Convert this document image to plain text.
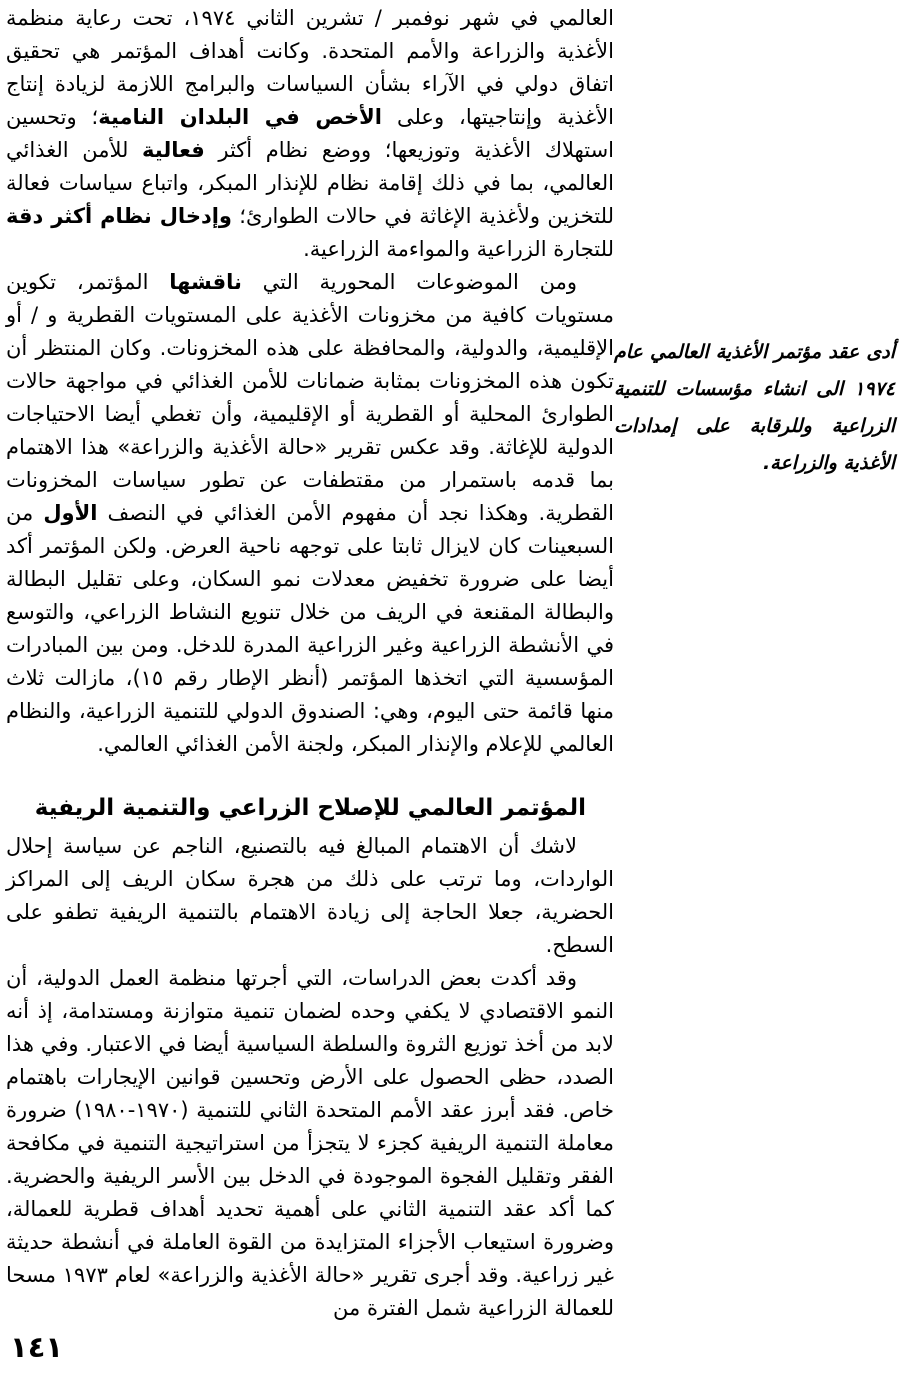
العالمي في شهر نوفمبر / تشرين الثاني ١٩٧٤، تحت رعاية منظمة الأغذية والزراعة والأمم المتحدة. وكانت أهداف المؤتمر هي تحقيق اتفاق دولي في الآراء بشأن السياسات والبرامج اللازمة لزيادة إنتاج الأغذية وإنتاجيتها، وعلى الأخص في البلدان النامية؛ وتحسين استهلاك الأغذية وتوزيعها؛ ووضع نظام أكثر فعالية للأمن الغذائي العالمي، بما في ذلك إقامة نظام للإنذار المبكر، واتباع سياسات فعالة للتخزين ولأغذية الإغاثة في حالات الطوارئ؛ وإدخال نظام أكثر دقة للتجارة الزراعية والمواءمة الزراعية.

ومن الموضوعات المحورية التي ناقشها المؤتمر، تكوين مستويات كافية من مخزونات الأغذية على المستويات القطرية و / أو الإقليمية، والدولية، والمحافظة على هذه المخزونات. وكان المنتظر أن تكون هذه المخزونات بمثابة ضمانات للأمن الغذائي في مواجهة حالات الطوارئ المحلية أو القطرية أو الإقليمية، وأن تغطي أيضا الاحتياجات الدولية للإغاثة. وقد عكس تقرير «حالة الأغذية والزراعة» هذا الاهتمام بما قدمه باستمرار من مقتطفات عن تطور سياسات المخزونات القطرية. وهكذا نجد أن مفهوم الأمن الغذائي في النصف الأول من السبعينات كان لايزال ثابتا على توجهه ناحية العرض. ولكن المؤتمر أكد أيضا على ضرورة تخفيض معدلات نمو السكان، وعلى تقليل البطالة والبطالة المقنعة في الريف من خلال تنويع النشاط الزراعي، والتوسع في الأنشطة الزراعية وغير الزراعية المدرة للدخل. ومن بين المبادرات المؤسسية التي اتخذها المؤتمر (أنظر الإطار رقم ١٥)، مازالت ثلاث منها قائمة حتى اليوم، وهي: الصندوق الدولي للتنمية الزراعية، والنظام العالمي للإعلام والإنذار المبكر، ولجنة الأمن الغذائي العالمي.

المؤتمر العالمي للإصلاح الزراعي والتنمية الريفية

لاشك أن الاهتمام المبالغ فيه بالتصنيع، الناجم عن سياسة إحلال الواردات، وما ترتب على ذلك من هجرة سكان الريف إلى المراكز الحضرية، جعلا الحاجة إلى زيادة الاهتمام بالتنمية الريفية تطفو على السطح.

وقد أكدت بعض الدراسات، التي أجرتها منظمة العمل الدولية، أن النمو الاقتصادي لا يكفي وحده لضمان تنمية متوازنة ومستدامة، إذ أنه لابد من أخذ توزيع الثروة والسلطة السياسية أيضا في الاعتبار. وفي هذا الصدد، حظى الحصول على الأرض وتحسين قوانين الإيجارات باهتمام خاص. فقد أبرز عقد الأمم المتحدة الثاني للتنمية (١٩٧٠-١٩٨٠) ضرورة معاملة التنمية الريفية كجزء لا يتجزأ من استراتيجية التنمية في مكافحة الفقر وتقليل الفجوة الموجودة في الدخل بين الأسر الريفية والحضرية. كما أكد عقد التنمية الثاني على أهمية تحديد أهداف قطرية للعمالة، وضرورة استيعاب الأجزاء المتزايدة من القوة العاملة في أنشطة حديثة غير زراعية. وقد أجرى تقرير «حالة الأغذية والزراعة» لعام ١٩٧٣ مسحا للعمالة الزراعية شمل الفترة من

أدى عقد مؤتمر الأغذية العالمي عام ١٩٧٤ الى انشاء مؤسسات للتنمية الزراعية وللرقابة على إمدادات الأغذية والزراعة.
١٤١
